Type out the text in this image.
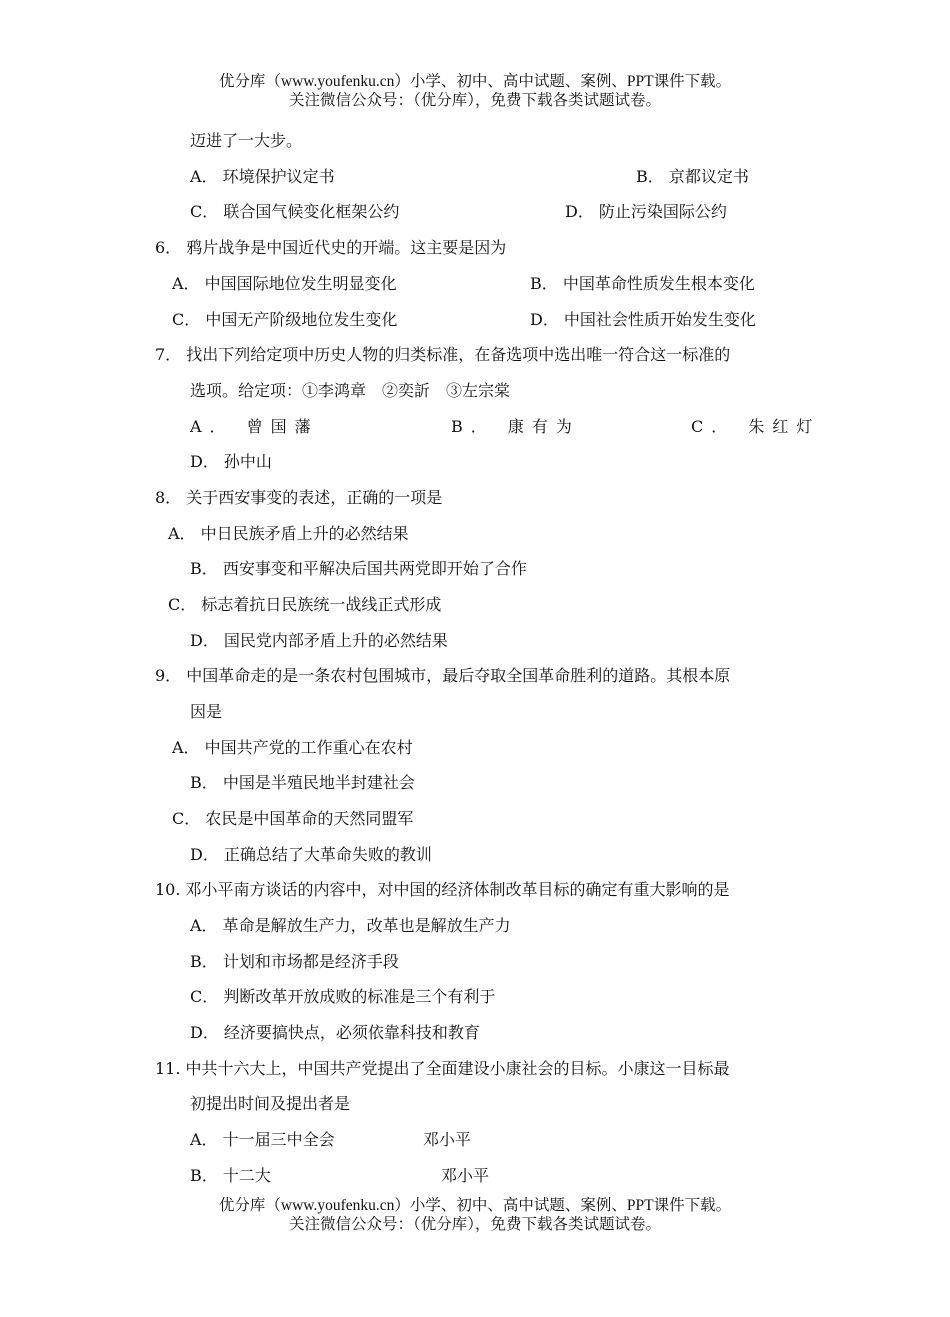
优分库（www.youfenku.cn）小学、初中、高中试题、案例、PPT课件下载。
关注微信公众号：（优分库），免费下载各类试题试卷。
迈进了一大步。
A． 环境保护议定书	B． 京都议定书
C． 联合国气候变化框架公约	D． 防止污染国际公约
6． 鸦片战争是中国近代史的开端。这主要是因为
A． 中国国际地位发生明显变化	B． 中国革命性质发生根本变化
C． 中国无产阶级地位发生变化	D． 中国社会性质开始发生变化
7． 找出下列给定项中历史人物的归类标准，在备选项中选出唯一符合这一标准的
选项。给定项：①李鸿章　②奕訢　③左宗棠
A． 曾国藩	B． 康有为	C． 朱红灯
D． 孙中山
8． 关于西安事变的表述，正确的一项是
A． 中日民族矛盾上升的必然结果
B． 西安事变和平解决后国共两党即开始了合作
C． 标志着抗日民族统一战线正式形成
D． 国民党内部矛盾上升的必然结果
9． 中国革命走的是一条农村包围城市，最后夺取全国革命胜利的道路。其根本原
因是
A． 中国共产党的工作重心在农村
B． 中国是半殖民地半封建社会
C． 农民是中国革命的天然同盟军
D． 正确总结了大革命失败的教训
10. 邓小平南方谈话的内容中，对中国的经济体制改革目标的确定有重大影响的是
A． 革命是解放生产力，改革也是解放生产力
B． 计划和市场都是经济手段
C． 判断改革开放成败的标准是三个有利于
D． 经济要搞快点，必须依靠科技和教育
11. 中共十六大上，中国共产党提出了全面建设小康社会的目标。小康这一目标最
初提出时间及提出者是
A． 十一届三中全会	邓小平
B． 十二大	邓小平
优分库（www.youfenku.cn）小学、初中、高中试题、案例、PPT课件下载。
关注微信公众号：（优分库），免费下载各类试题试卷。
